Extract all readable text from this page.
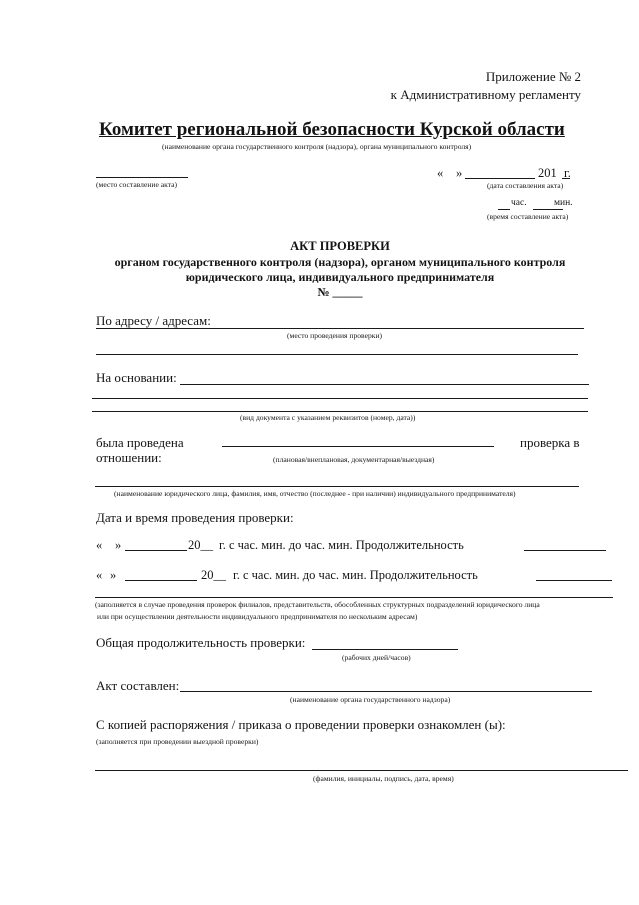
Приложение № 2
к Административному регламенту
Комитет региональной безопасности Курской области
(наименование органа государственного контроля (надзора), органа муниципального контроля)
(место составление акта)
« »	201 г.
(дата составления акта)
час.	мин.
(время составление акта)
АКТ ПРОВЕРКИ
органом государственного контроля (надзора), органом муниципального контроля
юридического лица, индивидуального предпринимателя
№ _____
По адресу / адресам:
(место проведения проверки)
На основании:
(вид документа с указанием реквизитов (номер, дата))
была проведена	проверка в
отношении:	(плановая/внеплановая, документарная/выездная)
(наименование юридического лица, фамилия, имя, отчество (последнее - при наличии) индивидуального предпринимателя)
Дата и время проведения проверки:
« »	20__ г. с час. мин. до час. мин. Продолжительность
« »	20__ г. с час. мин. до час. мин. Продолжительность
(заполняется в случае проведения проверок филиалов, представительств, обособленных структурных подразделений юридического лица
или при осуществлении деятельности индивидуального предпринимателя по нескольким адресам)
Общая продолжительность проверки:
(рабочих дней/часов)
Акт составлен:
(наименование органа государственного надзора)
С копией распоряжения / приказа о проведении проверки ознакомлен (ы):
(заполняется при проведении выездной проверки)
(фамилия, инициалы, подпись, дата, время)
